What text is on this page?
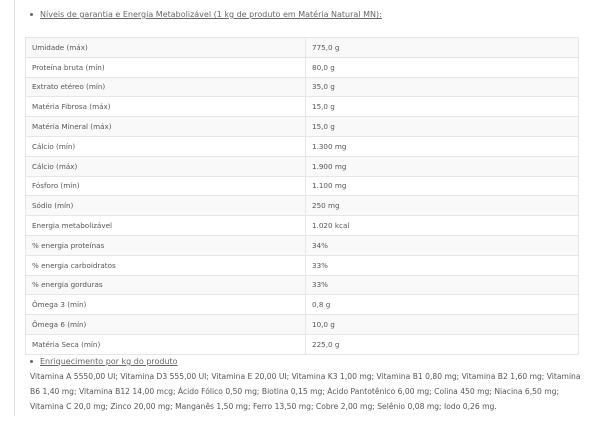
Níveis de garantia e Energia Metabolizável (1 kg de produto em Matéria Natural MN):
Umidade (máx)	775,0 g
Proteína bruta (mín)	80,0 g
Extrato etéreo (mín)	35,0 g
Matéria Fibrosa (máx)	15,0 g
Matéria Mineral (máx)	15,0 g
Cálcio (mín)	1.300 mg
Cálcio (máx)	1.900 mg
Fósforo (mín)	1.100 mg
Sódio (mín)	250 mg
Energia metabolizável	1.020 kcal
% energia proteínas	34%
% energia carboidratos	33%
% energia gorduras	33%
Ômega 3 (mín)	0,8 g
Ômega 6 (mín)	10,0 g
Matéria Seca (mín)	225,0 g
Enriquecimento por kg do produto
Vitamina A 5550,00 UI; Vitamina D3 555,00 UI; Vitamina E 20,00 UI; Vitamina K3 1,00 mg; Vitamina B1 0,80 mg; Vitamina B2 1,60 mg; Vitamina B6 1,40 mg; Vitamina B12 14,00 mcg; Ácido Fólico 0,50 mg; Biotina 0,15 mg; Ácido Pantotênico 6,00 mg; Colina 450 mg; Niacina 6,50 mg; Vitamina C 20,0 mg; Zinco 20,00 mg; Manganês 1,50 mg; Ferro 13,50 mg; Cobre 2,00 mg; Selênio 0,08 mg; Iodo 0,26 mg.
